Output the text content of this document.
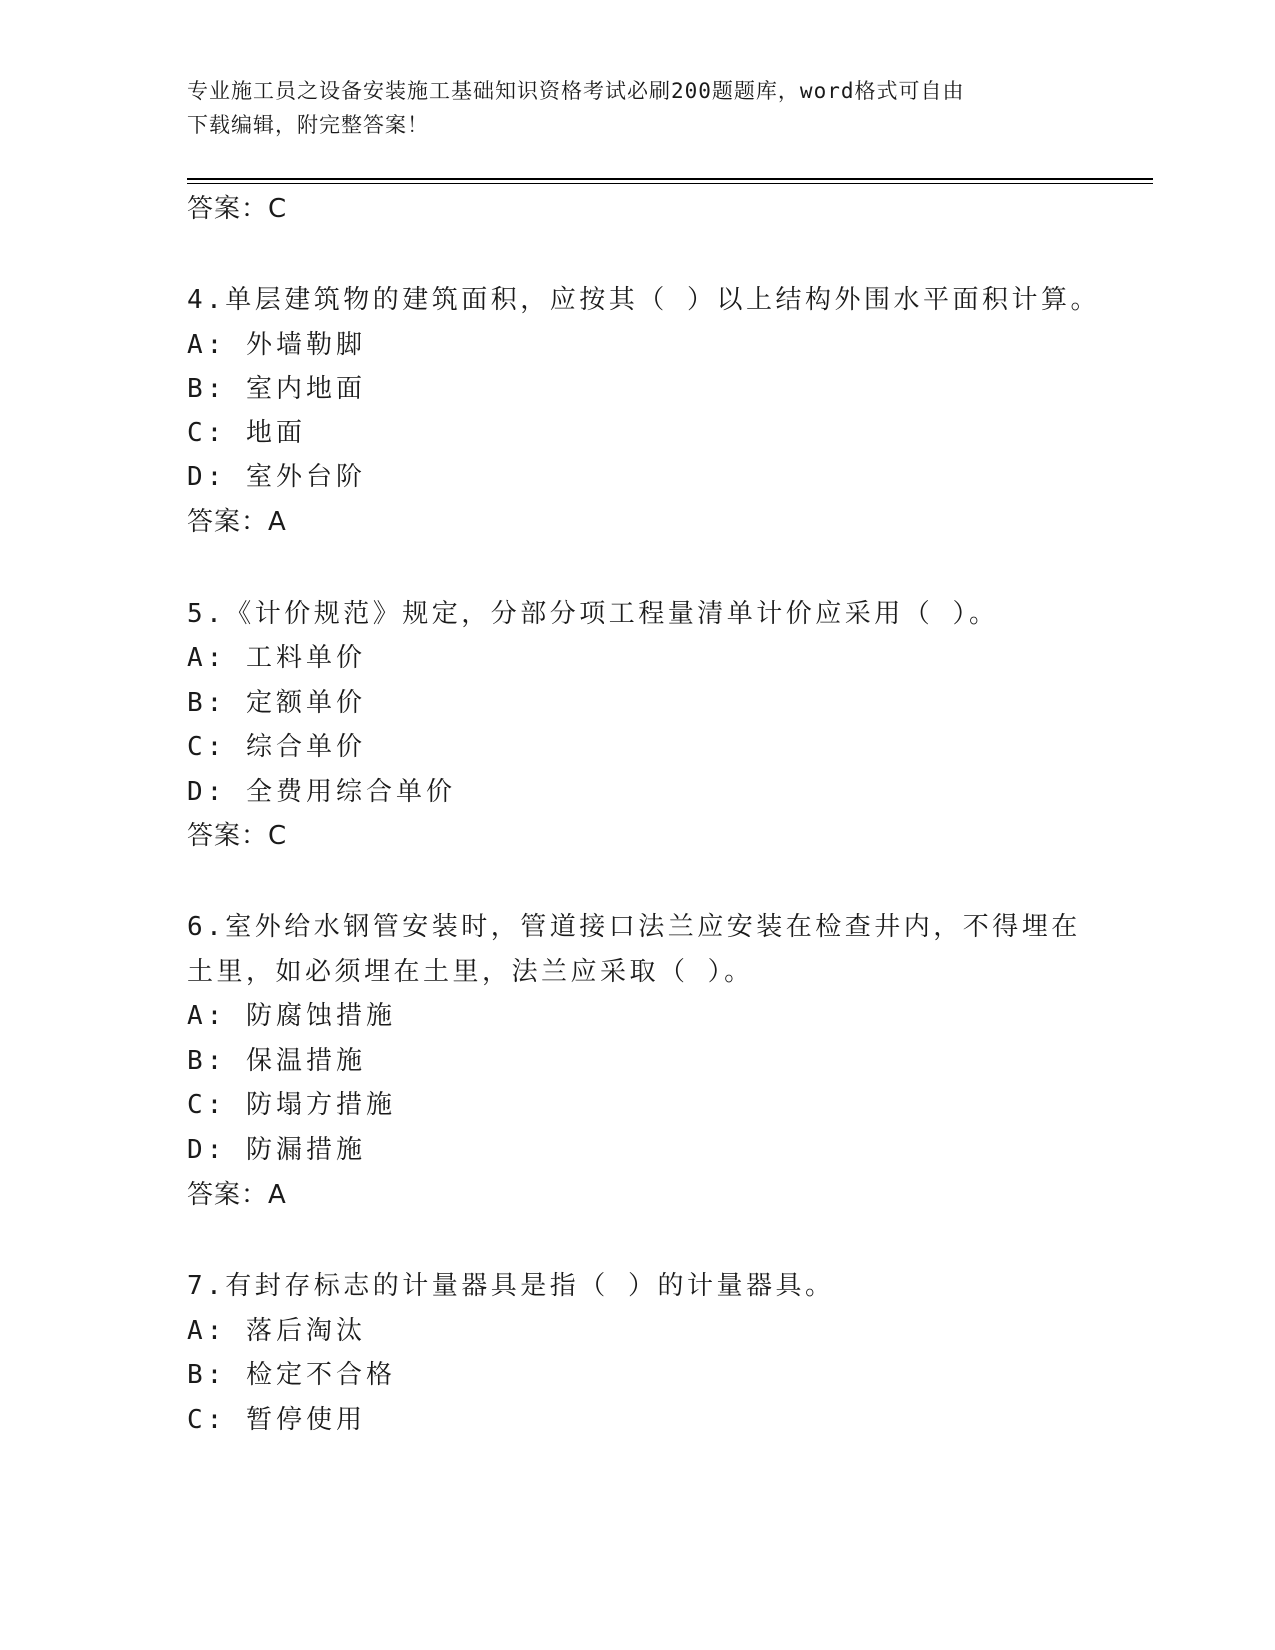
专业施工员之设备安装施工基础知识资格考试必刷200题题库，word格式可自由
下载编辑，附完整答案！
答案：C
4.单层建筑物的建筑面积，应按其（ ）以上结构外围水平面积计算。
A: 外墙勒脚
B: 室内地面
C: 地面
D: 室外台阶
答案：A
5.《计价规范》规定，分部分项工程量清单计价应采用（ ）。
A: 工料单价
B: 定额单价
C: 综合单价
D: 全费用综合单价
答案：C
6.室外给水钢管安装时，管道接口法兰应安装在检查井内，不得埋在
土里，如必须埋在土里，法兰应采取（ ）。
A: 防腐蚀措施
B: 保温措施
C: 防塌方措施
D: 防漏措施
答案：A
7.有封存标志的计量器具是指（ ）的计量器具。
A: 落后淘汰
B: 检定不合格
C: 暂停使用
